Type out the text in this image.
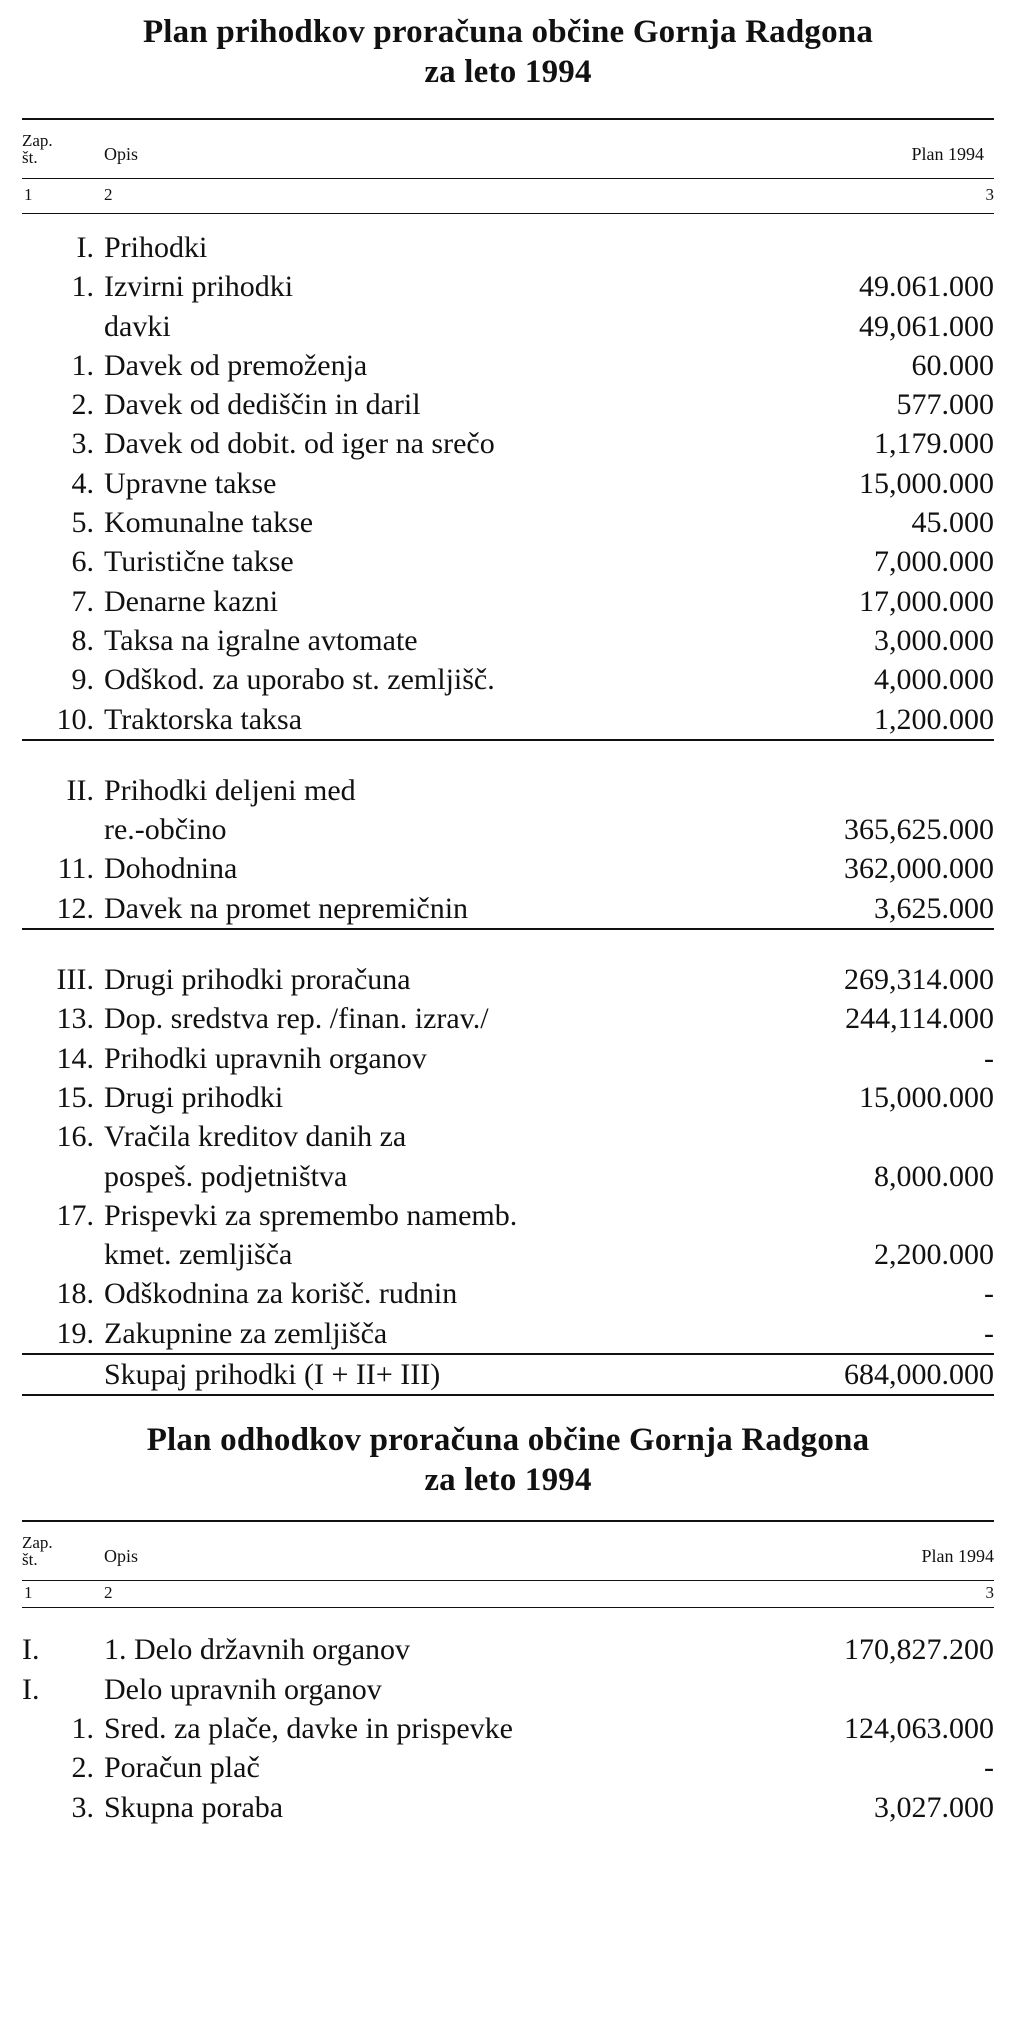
Plan prihodkov proračuna občine Gornja Radgona
za leto 1994
Zap.
št.	Opis	Plan 1994
1	2	3
I. Prihodki
1. Izvirni prihodki	49.061.000
davki	49,061.000
1. Davek od premoženja	60.000
2. Davek od dediščin in daril	577.000
3. Davek od dobit. od iger na srečo	1,179.000
4. Upravne takse	15,000.000
5. Komunalne takse	45.000
6. Turistične takse	7,000.000
7. Denarne kazni	17,000.000
8. Taksa na igralne avtomate	3,000.000
9. Odškod. za uporabo st. zemljišč.	4,000.000
10. Traktorska taksa	1,200.000
II. Prihodki deljeni med
re.-občino	365,625.000
11. Dohodnina	362,000.000
12. Davek na promet nepremičnin	3,625.000
III. Drugi prihodki proračuna	269,314.000
13. Dop. sredstva rep. /finan. izrav./	244,114.000
14. Prihodki upravnih organov	-
15. Drugi prihodki	15,000.000
16. Vračila kreditov danih za
pospeš. podjetništva	8,000.000
17. Prispevki za spremembo namemb.
kmet. zemljišča	2,200.000
18. Odškodnina za korišč. rudnin	-
19. Zakupnine za zemljišča	-
Skupaj prihodki (I + II+ III)	684,000.000
Plan odhodkov proračuna občine Gornja Radgona
za leto 1994
Zap.
št.	Opis	Plan 1994
1	2	3
I. 1. Delo državnih organov	170,827.200
I. Delo upravnih organov
1. Sred. za plače, davke in prispevke	124,063.000
2. Poračun plač	-
3. Skupna poraba	3,027.000
